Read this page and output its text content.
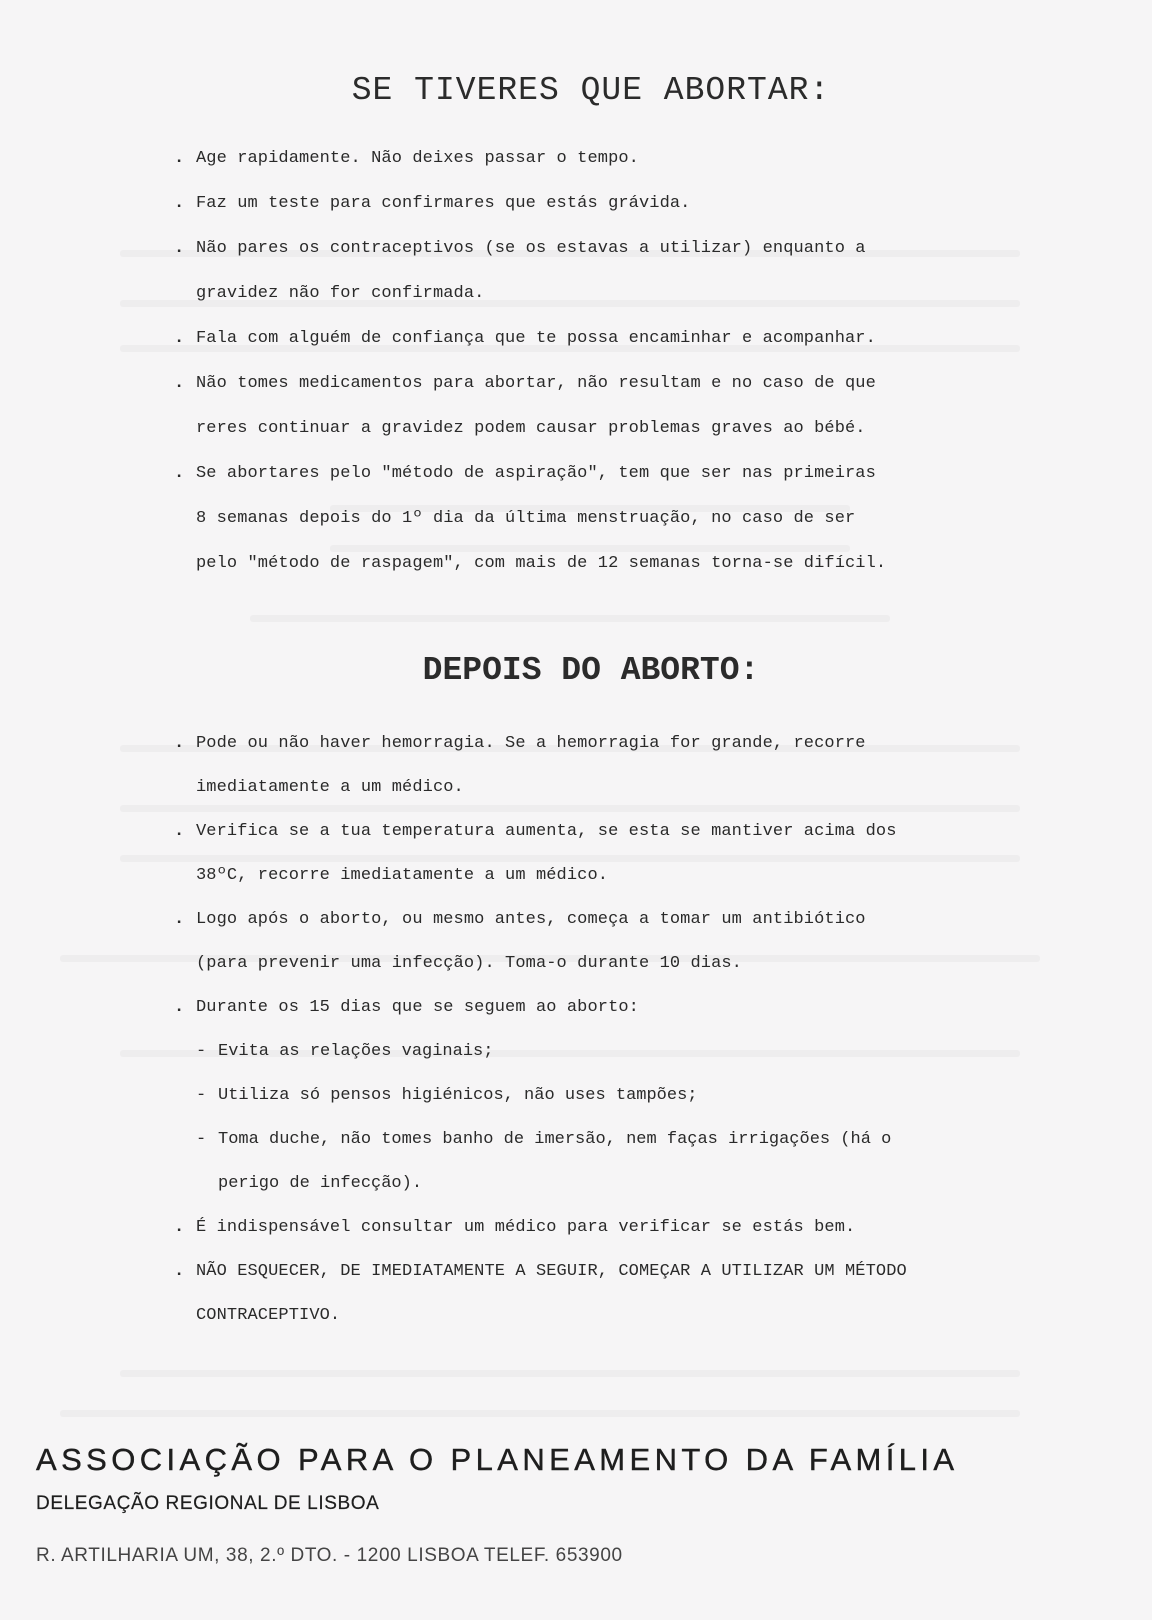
SE TIVERES QUE ABORTAR:
. Age rapidamente. Não deixes passar o tempo.
. Faz um teste para confirmares que estás grávida.
. Não pares os contraceptivos (se os estavas a utilizar) enquanto a
gravidez não for confirmada.
. Fala com alguém de confiança que te possa encaminhar e acompanhar.
. Não tomes medicamentos para abortar, não resultam e no caso de que
reres continuar a gravidez podem causar problemas graves ao bébé.
. Se abortares pelo "método de aspiração", tem que ser nas primeiras
8 semanas depois do 1º dia da última menstruação, no caso de ser
pelo "método de raspagem", com mais de 12 semanas torna-se difícil.
DEPOIS DO ABORTO:
. Pode ou não haver hemorragia. Se a hemorragia for grande, recorre
imediatamente a um médico.
. Verifica se a tua temperatura aumenta, se esta se mantiver acima dos
38ºC, recorre imediatamente a um médico.
. Logo após o aborto, ou mesmo antes, começa a tomar um antibiótico
(para prevenir uma infecção). Toma-o durante 10 dias.
. Durante os 15 dias que se seguem ao aborto:
- Evita as relações vaginais;
- Utiliza só pensos higiénicos, não uses tampões;
- Toma duche, não tomes banho de imersão, nem faças irrigações (há o
perigo de infecção).
. É indispensável consultar um médico para verificar se estás bem.
. NÃO ESQUECER, DE IMEDIATAMENTE A SEGUIR, COMEÇAR A UTILIZAR UM MÉTODO
CONTRACEPTIVO.

ASSOCIAÇÃO PARA O PLANEAMENTO DA FAMÍLIA

DELEGAÇÃO REGIONAL DE LISBOA

R. ARTILHARIA UM, 38, 2.º DTO. - 1200 LISBOA TELEF. 653900
